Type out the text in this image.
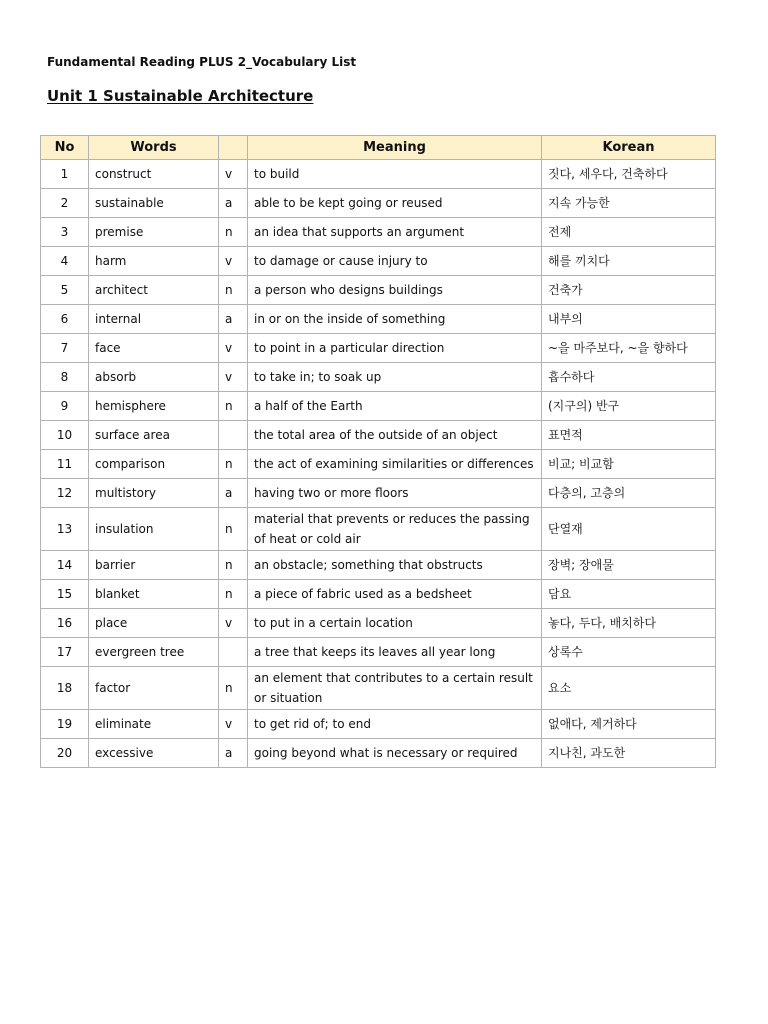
Fundamental Reading PLUS 2_Vocabulary List
Unit 1 Sustainable Architecture
No	Words		Meaning	Korean
1	construct	v	to build	짓다, 세우다, 건축하다
2	sustainable	a	able to be kept going or reused	지속 가능한
3	premise	n	an idea that supports an argument	전제
4	harm	v	to damage or cause injury to	해를 끼치다
5	architect	n	a person who designs buildings	건축가
6	internal	a	in or on the inside of something	내부의
7	face	v	to point in a particular direction	~을 마주보다, ~을 향하다
8	absorb	v	to take in; to soak up	흡수하다
9	hemisphere	n	a half of the Earth	(지구의) 반구
10	surface area		the total area of the outside of an object	표면적
11	comparison	n	the act of examining similarities or differences	비교; 비교함
12	multistory	a	having two or more floors	다층의, 고층의
13	insulation	n	material that prevents or reduces the passing of heat or cold air	단열재
14	barrier	n	an obstacle; something that obstructs	장벽; 장애물
15	blanket	n	a piece of fabric used as a bedsheet	담요
16	place	v	to put in a certain location	놓다, 두다, 배치하다
17	evergreen tree		a tree that keeps its leaves all year long	상록수
18	factor	n	an element that contributes to a certain result or situation	요소
19	eliminate	v	to get rid of; to end	없애다, 제거하다
20	excessive	a	going beyond what is necessary or required	지나친, 과도한
